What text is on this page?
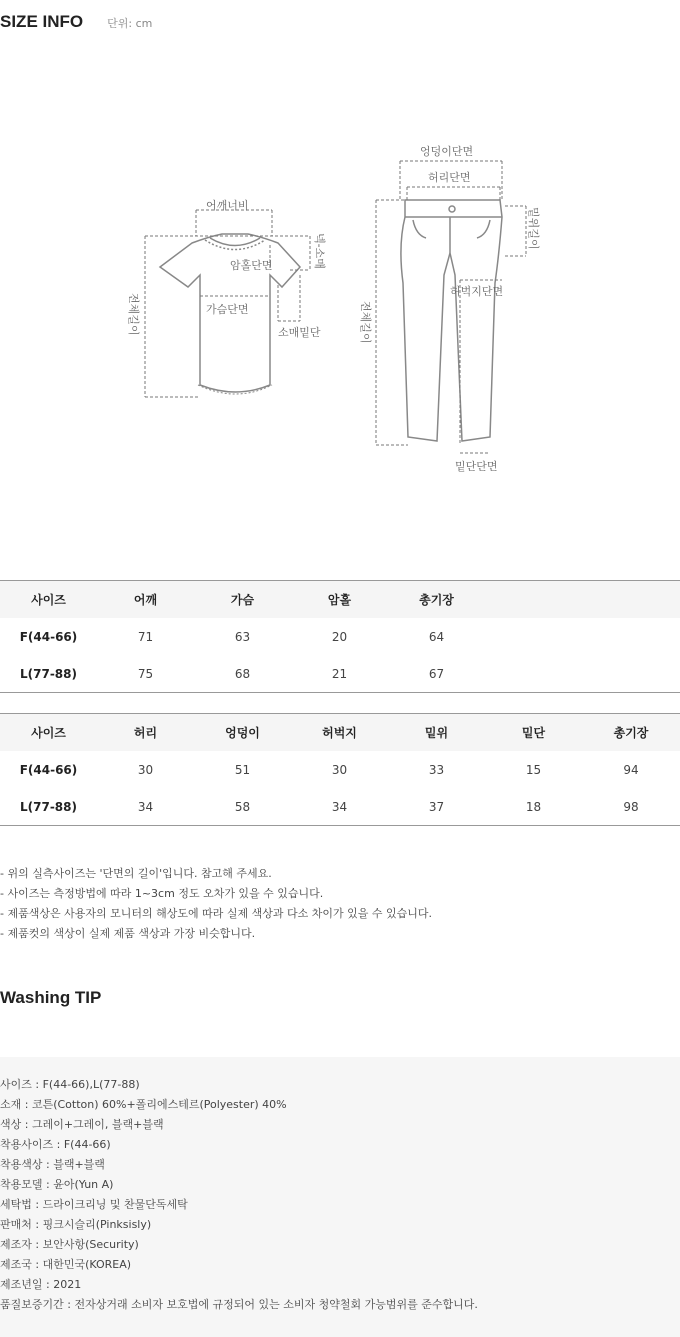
SIZE INFO 단위: cm
어깨너비
암홀단면
가슴단면
소매밑단
넥-소매
전체길이
엉덩이단면
허리단면
밑위길이
허벅지단면
전체길이
밑단단면
사이즈	어깨	가슴	암홀	총기장		
F(44-66)	71	63	20	64		
L(77-88)	75	68	21	67		
사이즈	허리	엉덩이	허벅지	밑위	밑단	총기장
F(44-66)	30	51	30	33	15	94
L(77-88)	34	58	34	37	18	98
- 위의 실측사이즈는 '단면의 길이'입니다. 참고해 주세요.
- 사이즈는 측정방법에 따라 1~3cm 정도 오차가 있을 수 있습니다.
- 제품색상은 사용자의 모니터의 해상도에 따라 실제 색상과 다소 차이가 있을 수 있습니다.
- 제품컷의 색상이 실제 제품 색상과 가장 비슷합니다.
Washing TIP
사이즈 : F(44-66),L(77-88)
소재 : 코튼(Cotton) 60%+폴리에스테르(Polyester) 40%
색상 : 그레이+그레이, 블랙+블랙
착용사이즈 : F(44-66)
착용색상 : 블랙+블랙
착용모델 : 윤아(Yun A)
세탁법 : 드라이크리닝 및 찬물단독세탁
판매처 : 핑크시슬리(Pinksisly)
제조자 : 보안사항(Security)
제조국 : 대한민국(KOREA)
제조년일 : 2021
품질보증기간 : 전자상거래 소비자 보호법에 규정되어 있는 소비자 청약철회 가능범위를 준수합니다.
